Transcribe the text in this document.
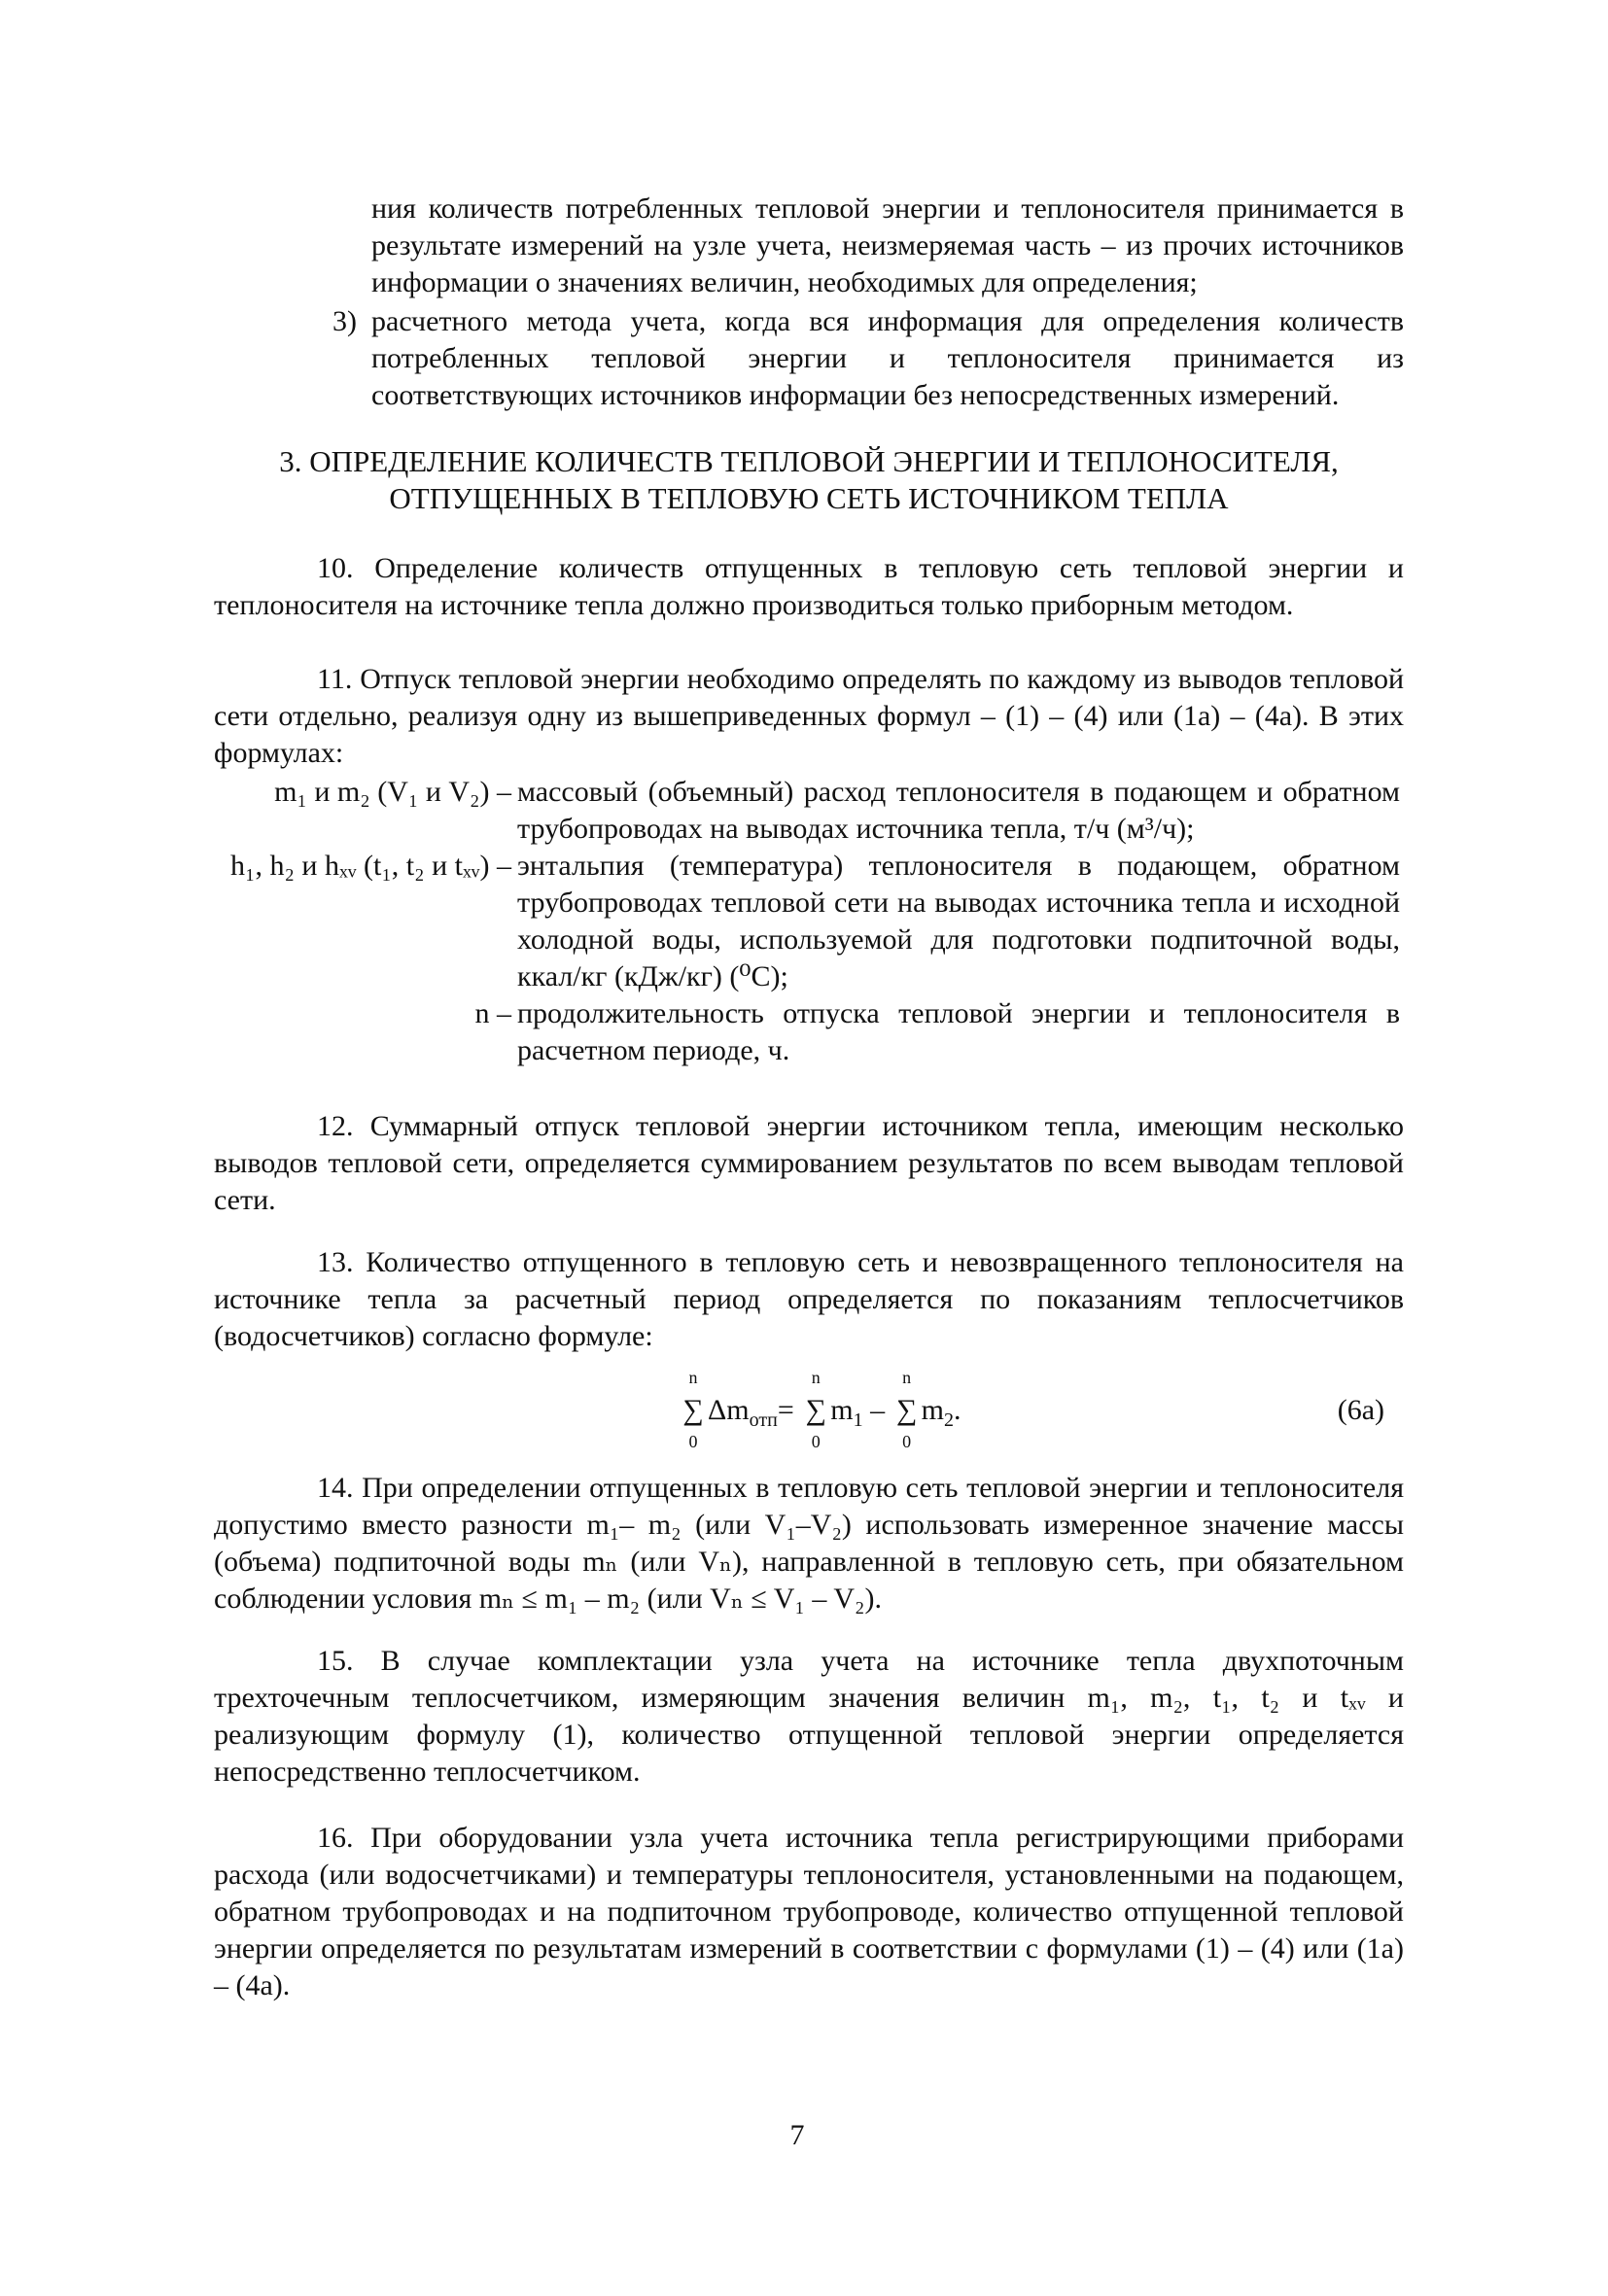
ния количеств потребленных тепловой энергии и теплоносителя принимается в результате измерений на узле учета, неизмеряемая часть – из прочих источников информации о значениях величин, необходимых для определения;
3) расчетного метода учета, когда вся информация для определения количеств потребленных тепловой энергии и теплоносителя принимается из соответствующих источников информации без непосредственных измерений.
3. ОПРЕДЕЛЕНИЕ КОЛИЧЕСТВ ТЕПЛОВОЙ ЭНЕРГИИ И ТЕПЛОНОСИТЕЛЯ,
ОТПУЩЕННЫХ В ТЕПЛОВУЮ СЕТЬ ИСТОЧНИКОМ ТЕПЛА
10. Определение количеств отпущенных в тепловую сеть тепловой энергии и теплоносителя на источнике тепла должно производиться только приборным методом.
11. Отпуск тепловой энергии необходимо определять по каждому из выводов тепловой сети отдельно, реализуя одну из вышеприведенных формул – (1) – (4) или (1а) – (4а). В этих формулах:
m₁ и m₂ (V₁ и V₂) – массовый (объемный) расход теплоносителя в подающем и обратном трубопроводах на выводах источника тепла, т/ч (м³/ч);
h₁, h₂ и hₓᵥ (t₁, t₂ и tₓᵥ) – энтальпия (температура) теплоносителя в подающем, обратном трубопроводах тепловой сети на выводах источника тепла и исходной холодной воды, используемой для подготовки подпиточной воды, ккал/кг (кДж/кг) (⁰С);
n – продолжительность отпуска тепловой энергии и теплоносителя в расчетном периоде, ч.
12. Суммарный отпуск тепловой энергии источником тепла, имеющим несколько выводов тепловой сети, определяется суммированием результатов по всем выводам тепловой сети.
13. Количество отпущенного в тепловую сеть и невозвращенного теплоносителя на источнике тепла за расчетный период определяется по показаниям теплосчетчиков (водосчетчиков) согласно формуле:
n
∑
0
$\Delta m_{отп}=$
n
∑
0
$m_1$ –
n
∑
0
$m_2$.	(6а)
14. При определении отпущенных в тепловую сеть тепловой энергии и теплоносителя допустимо вместо разности m₁– m₂ (или V₁–V₂) использовать измеренное значение массы (объема) подпиточной воды mₙ (или Vₙ), направленной в тепловую сеть, при обязательном соблюдении условия mₙ ≤ m₁ – m₂ (или Vₙ ≤ V₁ – V₂).
15. В случае комплектации узла учета на источнике тепла двухпоточным трехточечным теплосчетчиком, измеряющим значения величин m₁, m₂, t₁, t₂ и tₓᵥ и реализующим формулу (1), количество отпущенной тепловой энергии определяется непосредственно теплосчетчиком.
16. При оборудовании узла учета источника тепла регистрирующими приборами расхода (или водосчетчиками) и температуры теплоносителя, установленными на подающем, обратном трубопроводах и на подпиточном трубопроводе, количество отпущенной тепловой энергии определяется по результатам измерений в соответствии с формулами (1) – (4) или (1а) – (4а).
7
